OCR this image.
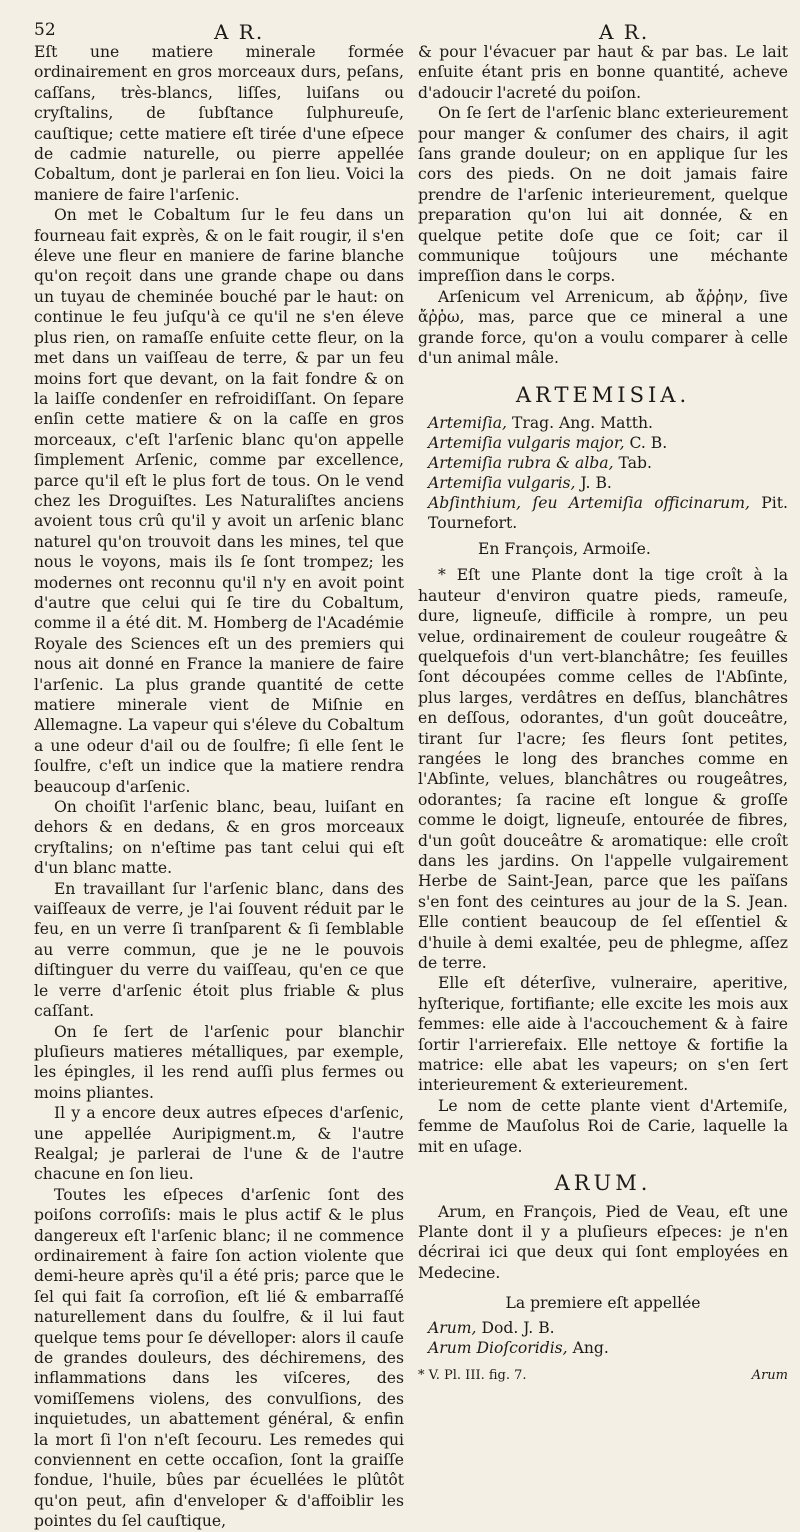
52	A R.	A R.

Eſt une matiere minerale formée ordinairement en gros morceaux durs, peſans, caſſans, très-blancs, liſſes, luiſans ou cryſtalins, de ſubſtance ſulphureuſe, cauſtique; cette matiere eſt tirée d'une eſpece de cadmie naturelle, ou pierre appellée Cobaltum, dont je parlerai en ſon lieu. Voici la maniere de faire l'arſenic.

On met le Cobaltum ſur le feu dans un fourneau fait exprès, & on le fait rougir, il s'en éleve une fleur en maniere de farine blanche qu'on reçoit dans une grande chape ou dans un tuyau de cheminée bouché par le haut: on continue le feu juſqu'à ce qu'il ne s'en éleve plus rien, on ramaſſe enſuite cette fleur, on la met dans un vaiſſeau de terre, & par un feu moins fort que devant, on la fait fondre & on la laiſſe condenſer en refroidiſſant. On ſepare enſin cette matiere & on la caſſe en gros morceaux, c'eſt l'arſenic blanc qu'on appelle ſimplement Arſenic, comme par excellence, parce qu'il eſt le plus fort de tous. On le vend chez les Droguiſtes. Les Naturaliſtes anciens avoient tous crû qu'il y avoit un arſenic blanc naturel qu'on trouvoit dans les mines, tel que nous le voyons, mais ils ſe ſont trompez; les modernes ont reconnu qu'il n'y en avoit point d'autre que celui qui ſe tire du Cobaltum, comme il a été dit. M. Homberg de l'Académie Royale des Sciences eſt un des premiers qui nous ait donné en France la maniere de faire l'arſenic. La plus grande quantité de cette matiere minerale vient de Miſnie en Allemagne. La vapeur qui s'éleve du Cobaltum a une odeur d'ail ou de ſoulfre; ſi elle ſent le ſoulfre, c'eſt un indice que la matiere rendra beaucoup d'arſenic.

On choiſit l'arſenic blanc, beau, luiſant en dehors & en dedans, & en gros morceaux cryſtalins; on n'eſtime pas tant celui qui eſt d'un blanc matte.

En travaillant ſur l'arſenic blanc, dans des vaiſſeaux de verre, je l'ai ſouvent réduit par le feu, en un verre ſi tranſparent & ſi ſemblable au verre commun, que je ne le pouvois diſtinguer du verre du vaiſſeau, qu'en ce que le verre d'arſenic étoit plus friable & plus caſſant.

On ſe ſert de l'arſenic pour blanchir pluſieurs matieres métalliques, par exemple, les épingles, il les rend auſſi plus fermes ou moins pliantes.

Il y a encore deux autres eſpeces d'arſenic, une appellée Auripigment.m, & l'autre Realgal; je parlerai de l'une & de l'autre chacune en ſon lieu.

Toutes les eſpeces d'arſenic ſont des poiſons corroſiſs: mais le plus actif & le plus dangereux eſt l'arſenic blanc; il ne commence ordinairement à faire ſon action violente que demi-heure après qu'il a été pris; parce que le ſel qui fait ſa corroſion, eſt lié & embarraſſé naturellement dans du ſoulfre, & il lui faut quelque tems pour ſe dévelloper: alors il cauſe de grandes douleurs, des déchiremens, des inflammations dans les viſceres, des vomiſſemens violens, des convulſions, des inquietudes, un abattement général, & enfin la mort ſi l'on n'eſt ſecouru. Les remedes qui conviennent en cette occaſion, ſont la graiſſe fondue, l'huile, bûes par écuellées le plûtôt qu'on peut, afin d'enveloper & d'affoiblir les pointes du ſel cauſtique,

& pour l'évacuer par haut & par bas. Le lait enſuite étant pris en bonne quantité, acheve d'adoucir l'acreté du poiſon.

On ſe ſert de l'arſenic blanc exterieurement pour manger & conſumer des chairs, il agit ſans grande douleur; on en applique ſur les cors des pieds. On ne doit jamais faire prendre de l'arſenic interieurement, quelque preparation qu'on lui ait donnée, & en quelque petite doſe que ce ſoit; car il communique toûjours une méchante impreſſion dans le corps.

Arſenicum vel Arrenicum, ab ἄῤῥην, ſive ἄῤῥω, mas, parce que ce mineral a une grande force, qu'on a voulu comparer à celle d'un animal mâle.

ARTEMISIA.
Artemiſia, Trag. Ang. Matth.
Artemiſia vulgaris major, C. B.
Artemiſia rubra & alba, Tab.
Artemiſia vulgaris, J. B.
Abſinthium, ſeu Artemiſia officinarum, Pit. Tournefort.

En François, Armoiſe.

* Eſt une Plante dont la tige croît à la hauteur d'environ quatre pieds, rameuſe, dure, ligneuſe, difficile à rompre, un peu velue, ordinairement de couleur rougeâtre & quelquefois d'un vert-blanchâtre; ſes feuilles ſont découpées comme celles de l'Abſinte, plus larges, verdâtres en deſſus, blanchâtres en deſſous, odorantes, d'un goût douceâtre, tirant ſur l'acre; ſes fleurs ſont petites, rangées le long des branches comme en l'Abſinte, velues, blanchâtres ou rougeâtres, odorantes; ſa racine eſt longue & groſſe comme le doigt, ligneuſe, entourée de fibres, d'un goût douceâtre & aromatique: elle croît dans les jardins. On l'appelle vulgairement Herbe de Saint-Jean, parce que les païſans s'en font des ceintures au jour de la S. Jean. Elle contient beaucoup de ſel eſſentiel & d'huile à demi exaltée, peu de phlegme, aſſez de terre.

Elle eſt déterſive, vulneraire, aperitive, hyſterique, fortifiante; elle excite les mois aux femmes: elle aide à l'accouchement & à faire ſortir l'arrierefaix. Elle nettoye & fortifie la matrice: elle abat les vapeurs; on s'en ſert interieurement & exterieurement.

Le nom de cette plante vient d'Artemiſe, femme de Mauſolus Roi de Carie, laquelle la mit en uſage.

ARUM.

Arum, en François, Pied de Veau, eſt une Plante dont il y a pluſieurs eſpeces: je n'en décrirai ici que deux qui ſont employées en Medecine.

La premiere eſt appellée
Arum, Dod. J. B.
Arum Dioſcoridis, Ang.
* V. Pl. III. fig. 7.	Arum
